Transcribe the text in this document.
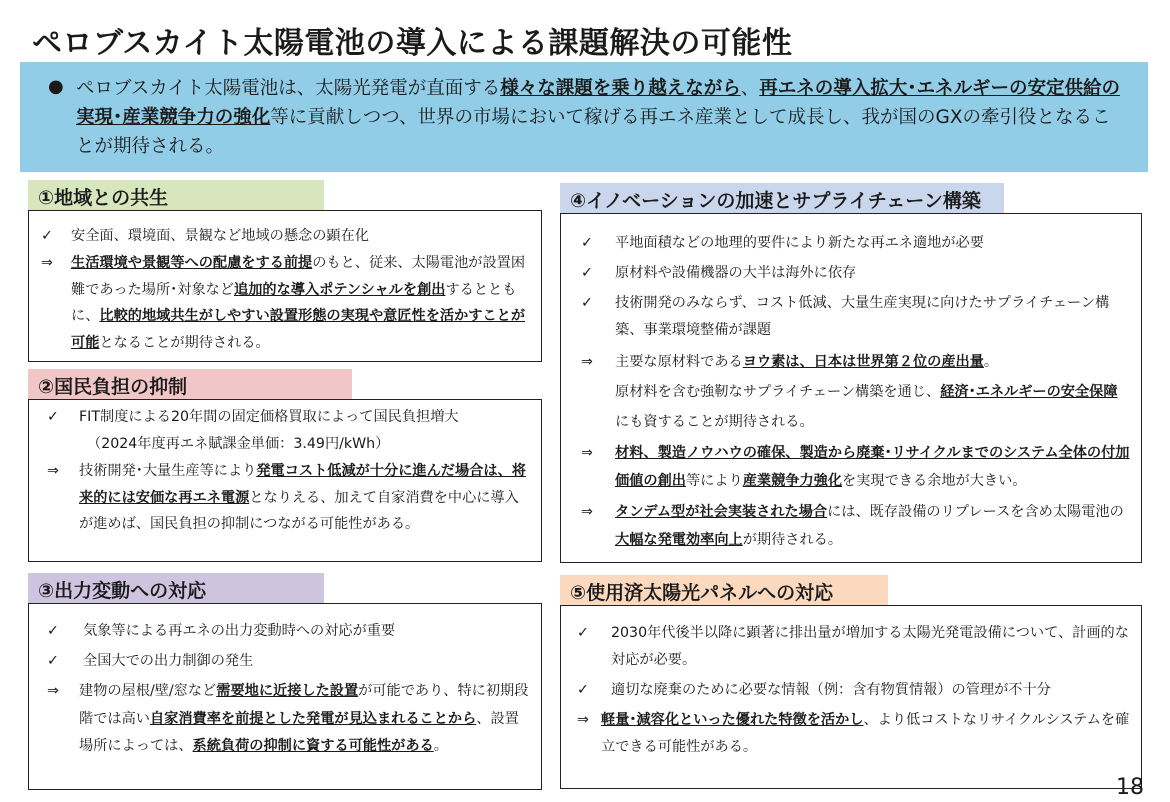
ペロブスカイト太陽電池の導入による課題解決の可能性
● ペロブスカイト太陽電池は、太陽光発電が直面する様々な課題を乗り越えながら、再エネの導入拡大･エネルギーの安定供給の実現･産業競争力の強化等に貢献しつつ、世界の市場において稼げる再エネ産業として成長し、我が国のGXの牽引役となることが期待される。

①地域との共生
✓ 安全面、環境面、景観など地域の懸念の顕在化
⇒ 生活環境や景観等への配慮をする前提のもと、従来、太陽電池が設置困難であった場所･対象など追加的な導入ポテンシャルを創出するとともに、比較的地域共生がしやすい設置形態の実現や意匠性を活かすことが可能となることが期待される。
②国民負担の抑制
✓ FIT制度による20年間の固定価格買取によって国民負担増大
（2024年度再エネ賦課金単価：3.49円/kWh）
⇒ 技術開発･大量生産等により発電コスト低減が十分に進んだ場合は、将来的には安価な再エネ電源となりえる、加えて自家消費を中心に導入が進めば、国民負担の抑制につながる可能性がある。
③出力変動への対応
✓ 気象等による再エネの出力変動時への対応が重要
✓ 全国大での出力制御の発生
⇒ 建物の屋根/壁/窓など需要地に近接した設置が可能であり、特に初期段階では高い自家消費率を前提とした発電が見込まれることから、設置場所によっては、系統負荷の抑制に資する可能性がある。
④イノベーションの加速とサプライチェーン構築
✓ 平地面積などの地理的要件により新たな再エネ適地が必要
✓ 原材料や設備機器の大半は海外に依存
✓ 技術開発のみならず、コスト低減、大量生産実現に向けたサプライチェーン構築、事業環境整備が課題
⇒ 主要な原材料であるヨウ素は、日本は世界第２位の産出量。
原材料を含む強靭なサプライチェーン構築を通じ、経済･エネルギーの安全保障にも資することが期待される。
⇒ 材料、製造ノウハウの確保、製造から廃棄･リサイクルまでのシステム全体の付加価値の創出等により産業競争力強化を実現できる余地が大きい。
⇒ タンデム型が社会実装された場合には、既存設備のリプレースを含め太陽電池の大幅な発電効率向上が期待される。
⑤使用済太陽光パネルへの対応
✓ 2030年代後半以降に顕著に排出量が増加する太陽光発電設備について、計画的な対応が必要。
✓ 適切な廃棄のために必要な情報（例：含有物質情報）の管理が不十分
⇒ 軽量･減容化といった優れた特徴を活かし、より低コストなリサイクルシステムを確立できる可能性がある。
18
